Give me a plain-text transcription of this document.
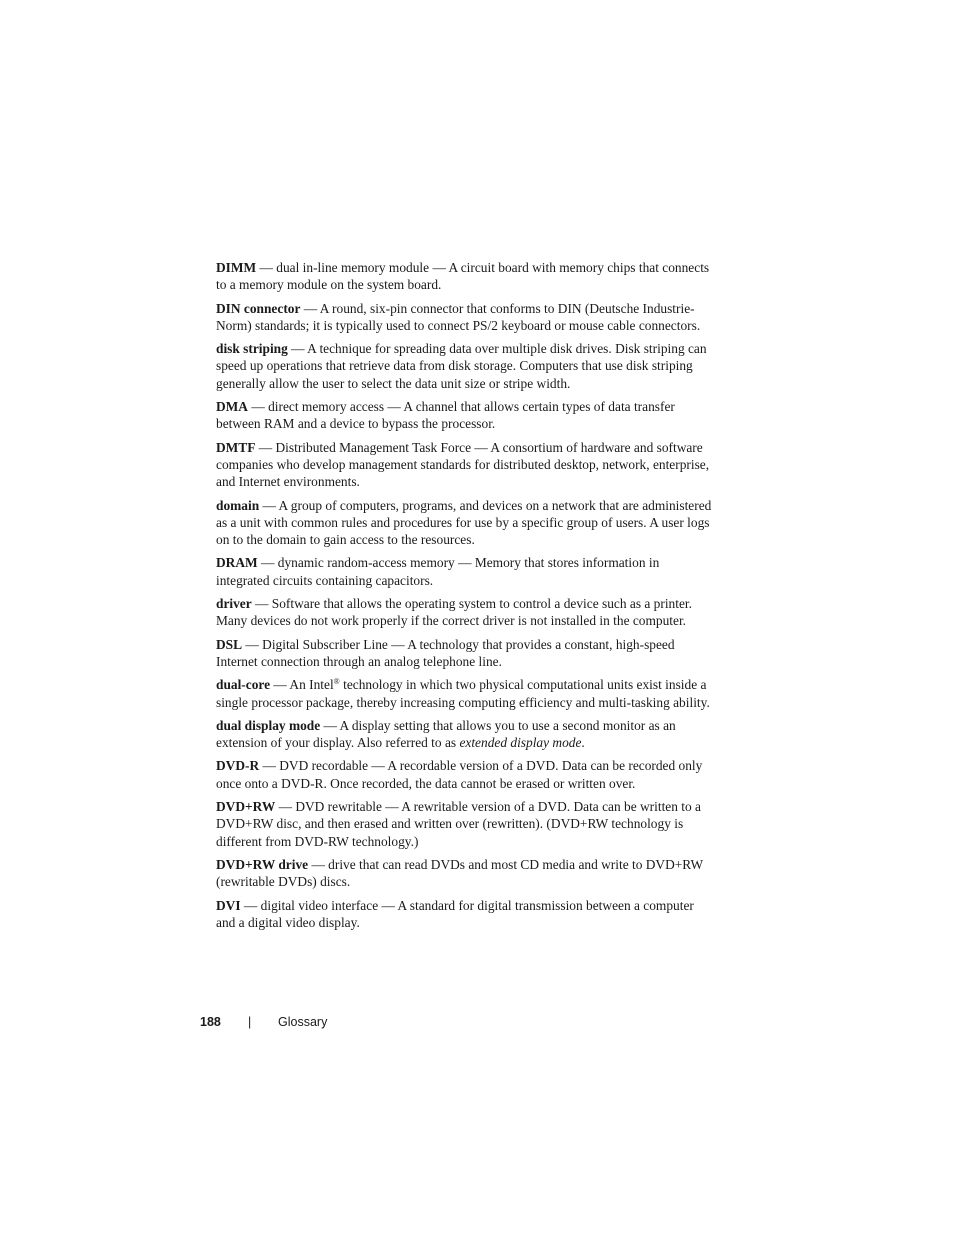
DIMM — dual in-line memory module — A circuit board with memory chips that connects to a memory module on the system board.

DIN connector — A round, six-pin connector that conforms to DIN (Deutsche Industrie-Norm) standards; it is typically used to connect PS/2 keyboard or mouse cable connectors.

disk striping — A technique for spreading data over multiple disk drives. Disk striping can speed up operations that retrieve data from disk storage. Computers that use disk striping generally allow the user to select the data unit size or stripe width.

DMA — direct memory access — A channel that allows certain types of data transfer between RAM and a device to bypass the processor.

DMTF — Distributed Management Task Force — A consortium of hardware and software companies who develop management standards for distributed desktop, network, enterprise, and Internet environments.

domain — A group of computers, programs, and devices on a network that are administered as a unit with common rules and procedures for use by a specific group of users. A user logs on to the domain to gain access to the resources.

DRAM — dynamic random-access memory — Memory that stores information in integrated circuits containing capacitors.

driver — Software that allows the operating system to control a device such as a printer. Many devices do not work properly if the correct driver is not installed in the computer.

DSL — Digital Subscriber Line — A technology that provides a constant, high-speed Internet connection through an analog telephone line.

dual-core — An Intel® technology in which two physical computational units exist inside a single processor package, thereby increasing computing efficiency and multi-tasking ability.

dual display mode — A display setting that allows you to use a second monitor as an extension of your display. Also referred to as extended display mode.

DVD-R — DVD recordable — A recordable version of a DVD. Data can be recorded only once onto a DVD-R. Once recorded, the data cannot be erased or written over.

DVD+RW — DVD rewritable — A rewritable version of a DVD. Data can be written to a DVD+RW disc, and then erased and written over (rewritten). (DVD+RW technology is different from DVD-RW technology.)

DVD+RW drive — drive that can read DVDs and most CD media and write to DVD+RW (rewritable DVDs) discs.

DVI — digital video interface — A standard for digital transmission between a computer and a digital video display.

188 | Glossary
